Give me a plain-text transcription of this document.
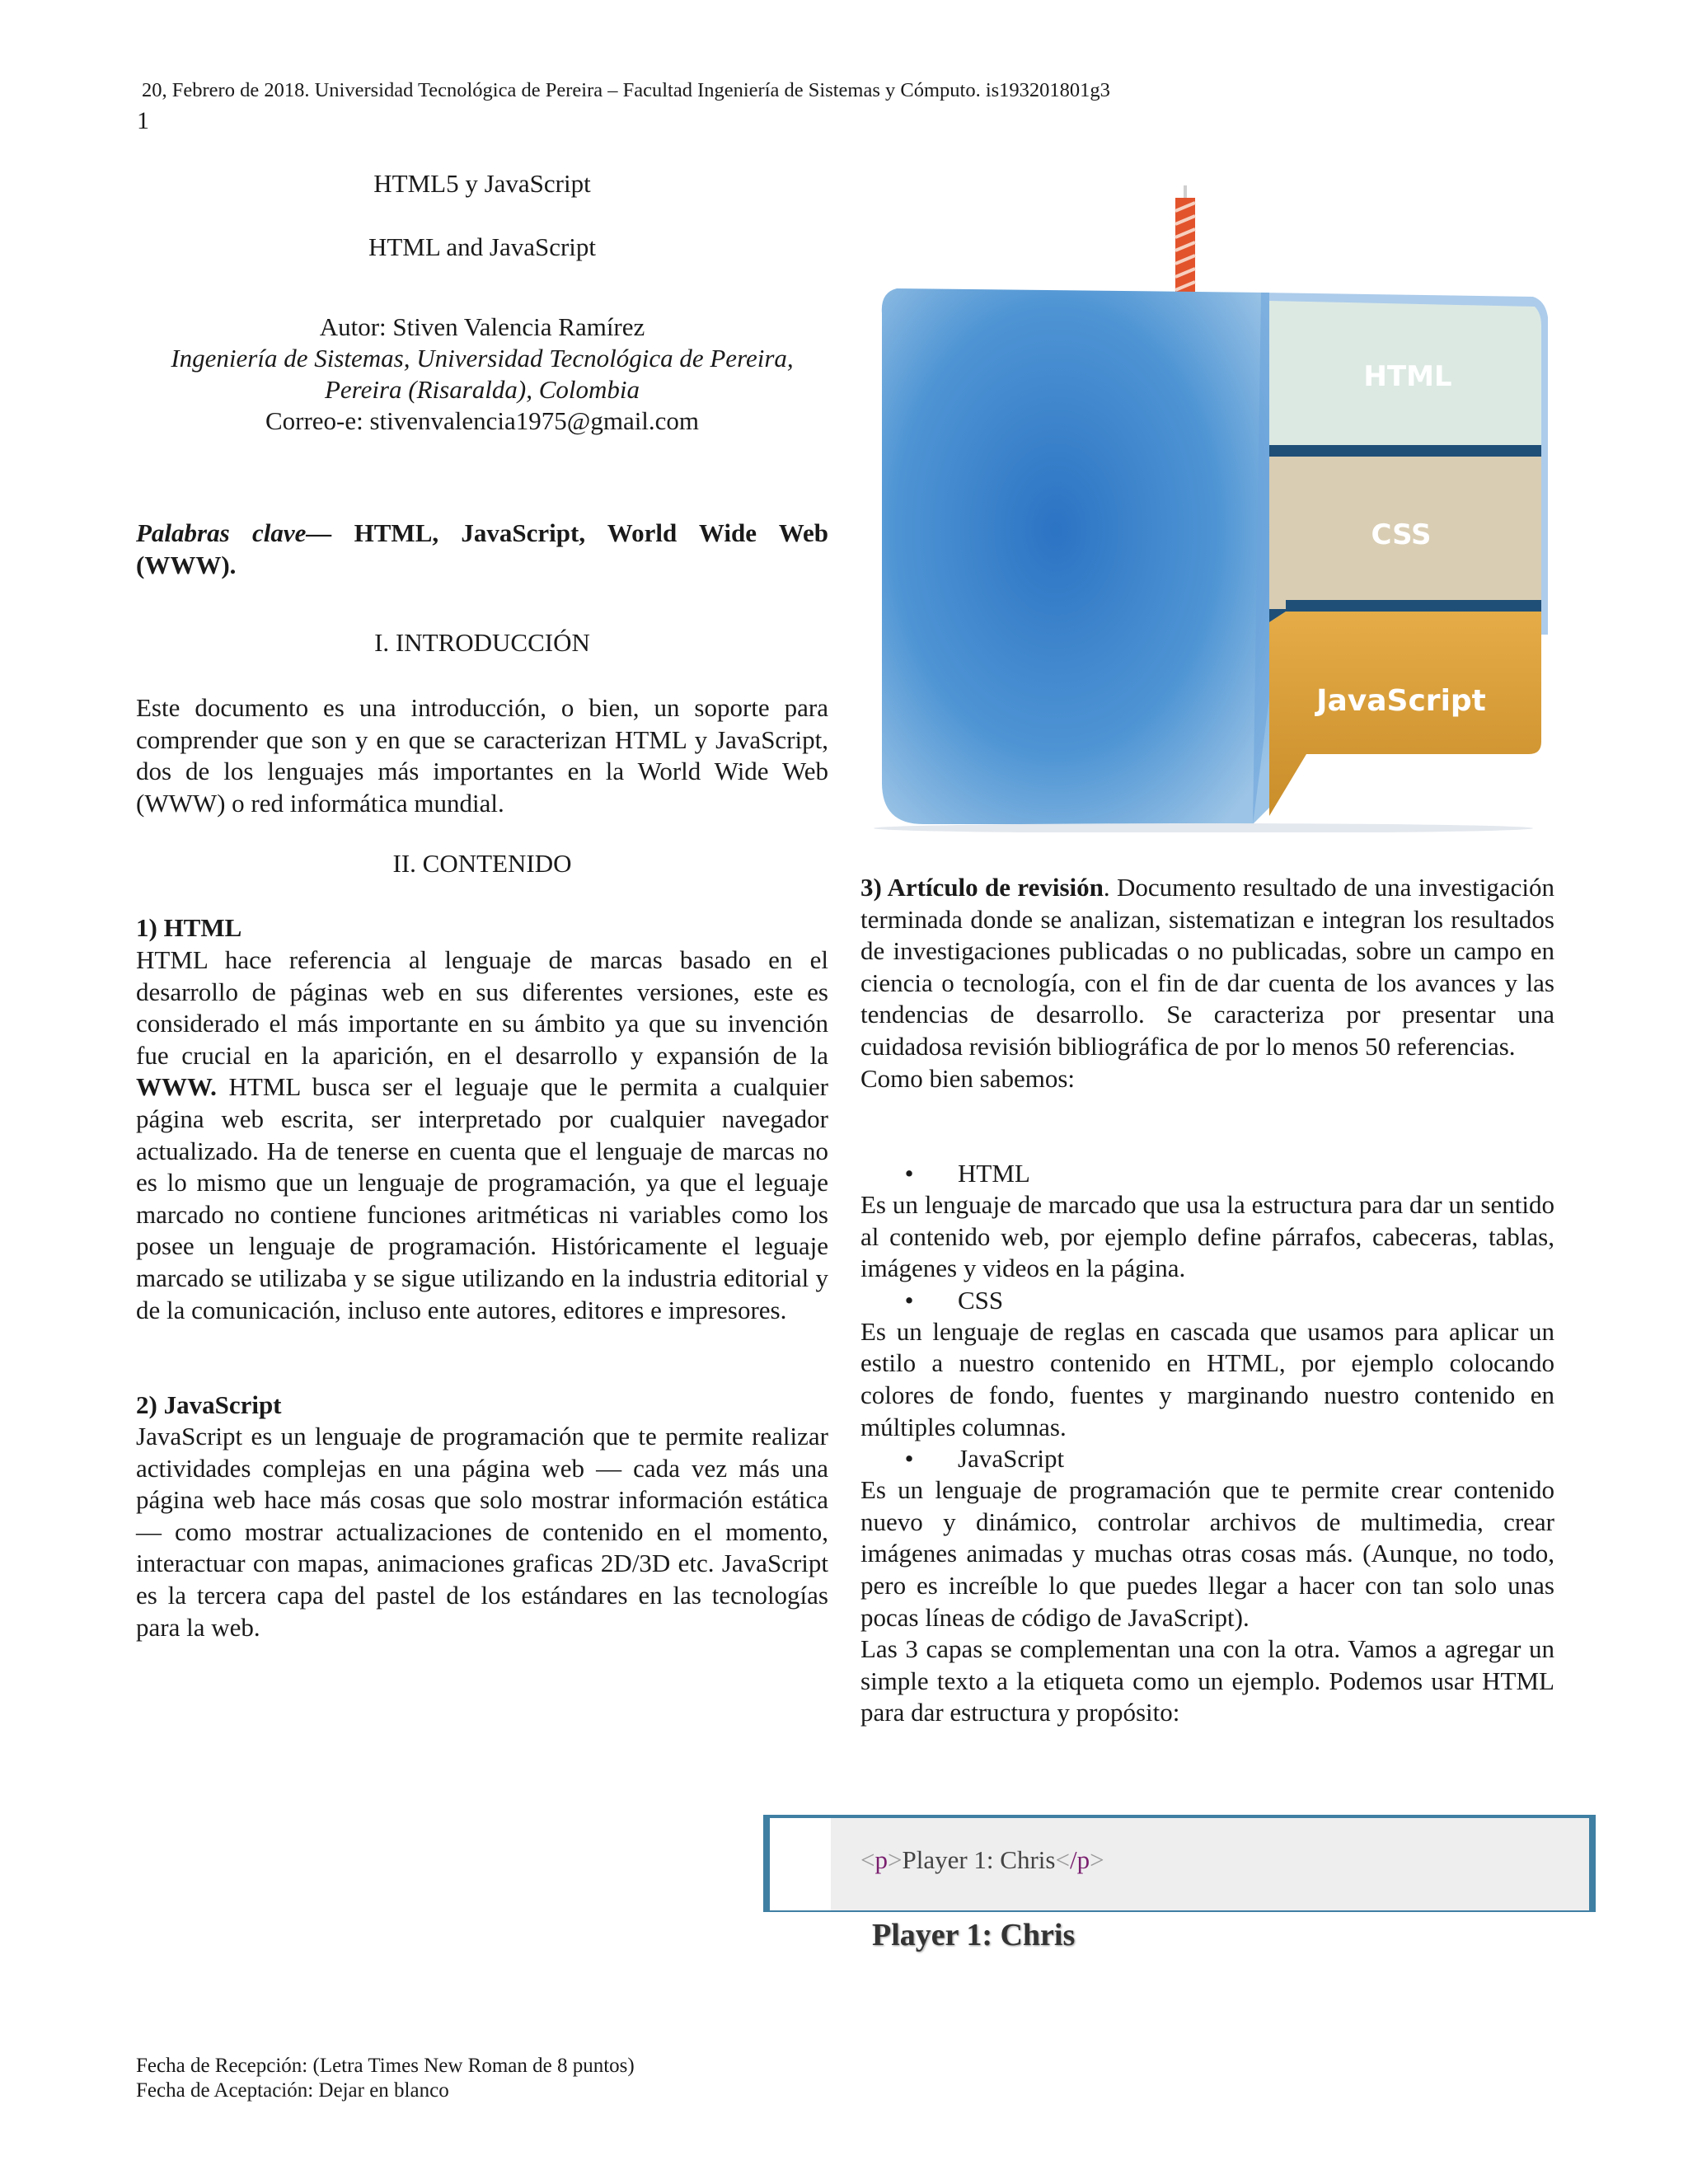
20, Febrero de 2018. Universidad Tecnológica de Pereira – Facultad Ingeniería de Sistemas y Cómputo. is193201801g3
1
HTML5 y JavaScript
HTML and JavaScript
Autor: Stiven Valencia Ramírez
Ingeniería de Sistemas, Universidad Tecnológica de Pereira,
Pereira (Risaralda), Colombia
Correo-e: stivenvalencia1975@gmail.com

Palabras clave— HTML, JavaScript, World Wide Web (WWW).

I. INTRODUCCIÓN

Este documento es una introducción, o bien, un soporte para comprender que son y en que se caracterizan HTML y JavaScript, dos de los lenguajes más importantes en la World Wide Web (WWW) o red informática mundial.

II. CONTENIDO
1) HTML

HTML hace referencia al lenguaje de marcas basado en el desarrollo de páginas web en sus diferentes versiones, este es considerado el más importante en su ámbito ya que su invención fue crucial en la aparición, en el desarrollo y expansión de la WWW. HTML busca ser el leguaje que le permita a cualquier página web escrita, ser interpretado por cualquier navegador actualizado. Ha de tenerse en cuenta que el lenguaje de marcas no es lo mismo que un lenguaje de programación, ya que el leguaje marcado no contiene funciones aritméticas ni variables como los posee un lenguaje de programación. Históricamente el leguaje marcado se utilizaba y se sigue utilizando en la industria editorial y de la comunicación, incluso ente autores, editores e impresores.

2) JavaScript

JavaScript es un lenguaje de programación que te permite realizar actividades complejas en una página web — cada vez más una página web hace más cosas que solo mostrar información estática — como mostrar actualizaciones de contenido en el momento, interactuar con mapas, animaciones graficas 2D/3D etc. JavaScript es la tercera capa del pastel de los estándares en las tecnologías para la web.

HTML
CSS
JavaScript

3) Artículo de revisión. Documento resultado de una investigación terminada donde se analizan, sistematizan e integran los resultados de investigaciones publicadas o no publicadas, sobre un campo en ciencia o tecnología, con el fin de dar cuenta de los avances y las tendencias de desarrollo. Se caracteriza por presentar una cuidadosa revisión bibliográfica de por lo menos 50 referencias.

Como bien sabemos:

• HTML

Es un lenguaje de marcado que usa la estructura para dar un sentido al contenido web, por ejemplo define párrafos, cabeceras, tablas, imágenes y videos en la página.

• CSS

Es un lenguaje de reglas en cascada que usamos para aplicar un estilo a nuestro contenido en HTML, por ejemplo colocando colores de fondo, fuentes y marginando nuestro contenido en múltiples columnas.

• JavaScript

Es un lenguaje de programación que te permite crear contenido nuevo y dinámico, controlar archivos de multimedia, crear imágenes animadas y muchas otras cosas más. (Aunque, no todo, pero es increíble lo que puedes llegar a hacer con tan solo unas pocas líneas de código de JavaScript).

Las 3 capas se complementan una con la otra. Vamos a agregar un simple texto a la etiqueta como un ejemplo. Podemos usar HTML para dar estructura y propósito:

<p>Player 1: Chris</p>
Player 1: Chris
Fecha de Recepción: (Letra Times New Roman de 8 puntos)
Fecha de Aceptación: Dejar en blanco
